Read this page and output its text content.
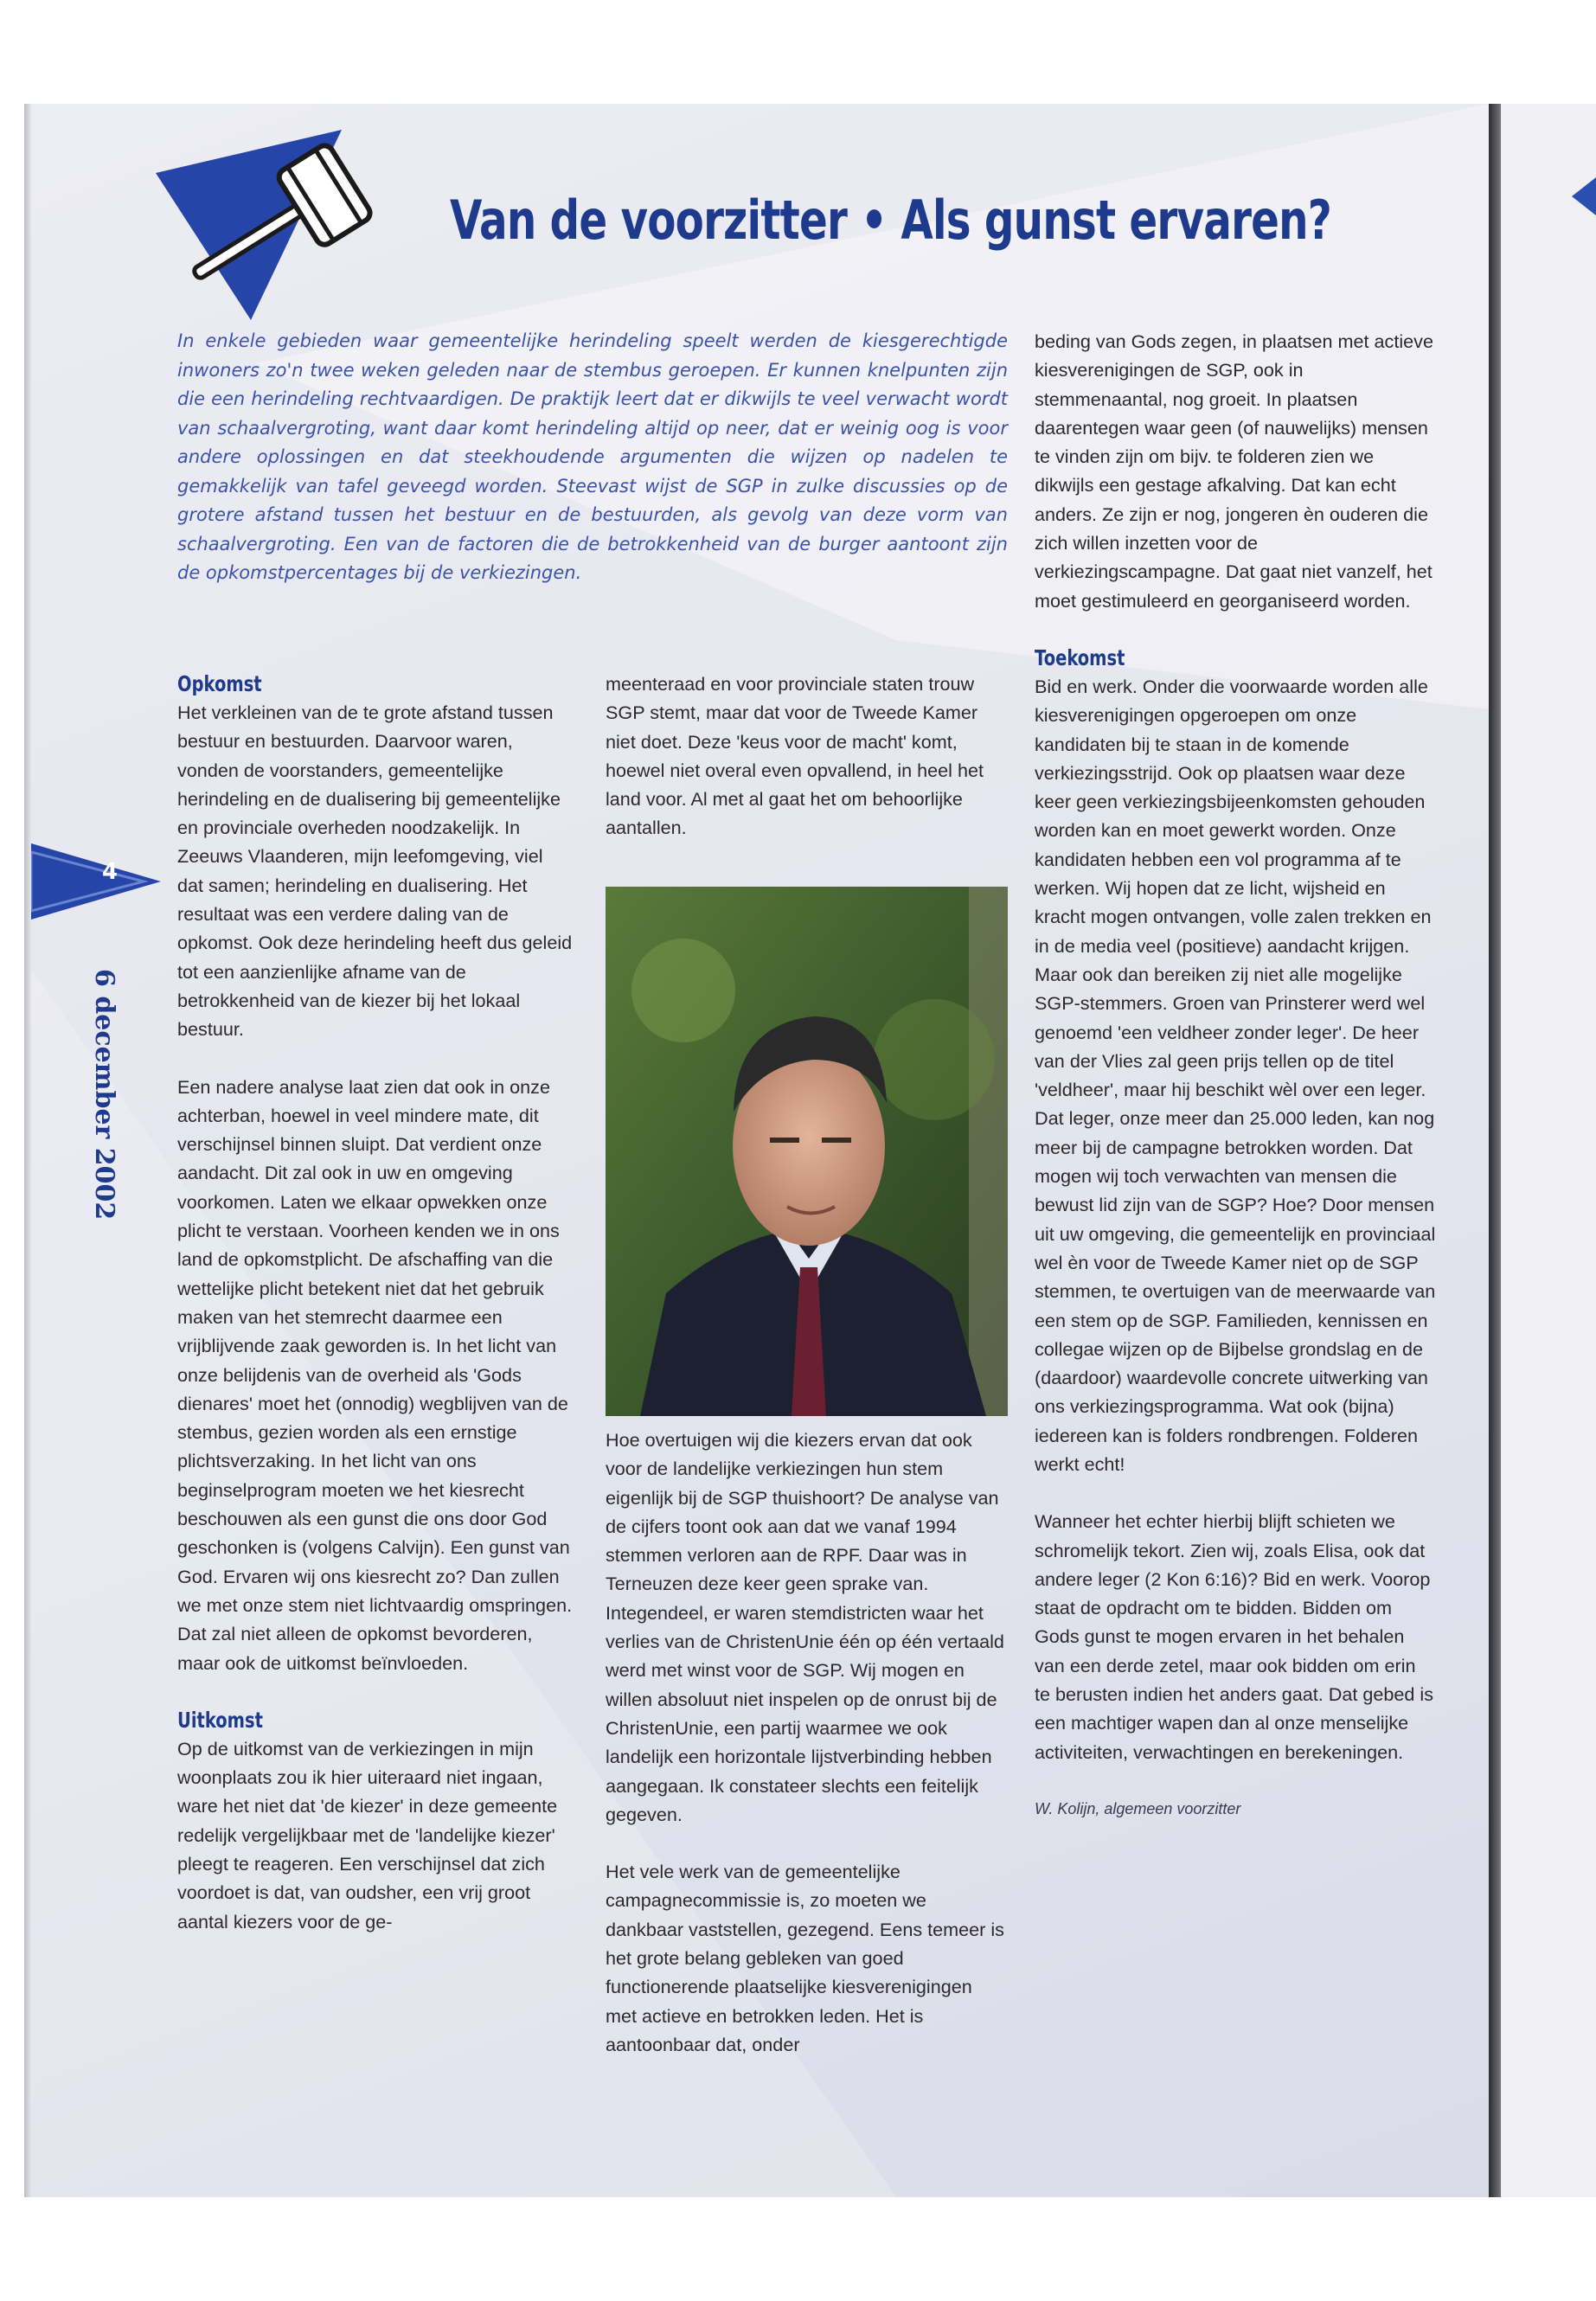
Van de voorzitter • Als gunst ervaren?

In enkele gebieden waar gemeentelijke herindeling speelt werden de kiesgerechtigde inwoners zo'n twee weken geleden naar de stembus geroepen. Er kunnen knelpunten zijn die een herindeling rechtvaardigen. De praktijk leert dat er dikwijls te veel verwacht wordt van schaalvergroting, want daar komt herindeling altijd op neer, dat er weinig oog is voor andere oplossingen en dat steekhoudende argumenten die wijzen op nadelen te gemakkelijk van tafel geveegd worden. Steevast wijst de SGP in zulke discussies op de grotere afstand tussen het bestuur en de bestuurden, als gevolg van deze vorm van schaalvergroting. Een van de factoren die de betrokkenheid van de burger aantoont zijn de opkomstpercentages bij de verkiezingen.

4
6 december 2002
Opkomst

Het verkleinen van de te grote afstand tussen bestuur en bestuurden. Daarvoor waren, vonden de voorstanders, gemeentelijke herindeling en de dualisering bij gemeentelijke en provinciale overheden noodzakelijk. In Zeeuws Vlaanderen, mijn leefomgeving, viel dat samen; herindeling en dualisering. Het resultaat was een verdere daling van de opkomst. Ook deze herindeling heeft dus geleid tot een aanzienlijke afname van de betrokkenheid van de kiezer bij het lokaal bestuur.

Een nadere analyse laat zien dat ook in onze achterban, hoewel in veel mindere mate, dit verschijnsel binnen sluipt. Dat verdient onze aandacht. Dit zal ook in uw en omgeving voorkomen. Laten we elkaar opwekken onze plicht te verstaan. Voorheen kenden we in ons land de opkomstplicht. De afschaffing van die wettelijke plicht betekent niet dat het gebruik maken van het stemrecht daarmee een vrijblijvende zaak geworden is. In het licht van onze belijdenis van de overheid als 'Gods dienares' moet het (onnodig) wegblijven van de stembus, gezien worden als een ernstige plichtsverzaking. In het licht van ons beginselprogram moeten we het kiesrecht beschouwen als een gunst die ons door God geschonken is (volgens Calvijn). Een gunst van God. Ervaren wij ons kiesrecht zo? Dan zullen we met onze stem niet lichtvaardig omspringen. Dat zal niet alleen de opkomst bevorderen, maar ook de uitkomst beïnvloeden.

Uitkomst

Op de uitkomst van de verkiezingen in mijn woonplaats zou ik hier uiteraard niet ingaan, ware het niet dat 'de kiezer' in deze gemeente redelijk vergelijkbaar met de 'landelijke kiezer' pleegt te reageren. Een verschijnsel dat zich voordoet is dat, van oudsher, een vrij groot aantal kiezers voor de ge-

meenteraad en voor provinciale staten trouw SGP stemt, maar dat voor de Tweede Kamer niet doet. Deze 'keus voor de macht' komt, hoewel niet overal even opvallend, in heel het land voor. Al met al gaat het om behoorlijke aantallen.

Hoe overtuigen wij die kiezers ervan dat ook voor de landelijke verkiezingen hun stem eigenlijk bij de SGP thuishoort? De analyse van de cijfers toont ook aan dat we vanaf 1994 stemmen verloren aan de RPF. Daar was in Terneuzen deze keer geen sprake van. Integendeel, er waren stemdistricten waar het verlies van de ChristenUnie één op één vertaald werd met winst voor de SGP. Wij mogen en willen absoluut niet inspelen op de onrust bij de ChristenUnie, een partij waarmee we ook landelijk een horizontale lijstverbinding hebben aangegaan. Ik constateer slechts een feitelijk gegeven.

Het vele werk van de gemeentelijke campagnecommissie is, zo moeten we dankbaar vaststellen, gezegend. Eens temeer is het grote belang gebleken van goed functionerende plaatselijke kiesverenigingen met actieve en betrokken leden. Het is aantoonbaar dat, onder

beding van Gods zegen, in plaatsen met actieve kiesverenigingen de SGP, ook in stemmenaantal, nog groeit. In plaatsen daarentegen waar geen (of nauwelijks) mensen te vinden zijn om bijv. te folderen zien we dikwijls een gestage afkalving. Dat kan echt anders. Ze zijn er nog, jongeren èn ouderen die zich willen inzetten voor de verkiezingscampagne. Dat gaat niet vanzelf, het moet gestimuleerd en georganiseerd worden.

Toekomst

Bid en werk. Onder die voorwaarde worden alle kiesverenigingen opgeroepen om onze kandidaten bij te staan in de komende verkiezingsstrijd. Ook op plaatsen waar deze keer geen verkiezingsbijeenkomsten gehouden worden kan en moet gewerkt worden. Onze kandidaten hebben een vol programma af te werken. Wij hopen dat ze licht, wijsheid en kracht mogen ontvangen, volle zalen trekken en in de media veel (positieve) aandacht krijgen. Maar ook dan bereiken zij niet alle mogelijke SGP-stemmers. Groen van Prinsterer werd wel genoemd 'een veldheer zonder leger'. De heer van der Vlies zal geen prijs tellen op de titel 'veldheer', maar hij beschikt wèl over een leger. Dat leger, onze meer dan 25.000 leden, kan nog meer bij de campagne betrokken worden. Dat mogen wij toch verwachten van mensen die bewust lid zijn van de SGP? Hoe? Door mensen uit uw omgeving, die gemeentelijk en provinciaal wel èn voor de Tweede Kamer niet op de SGP stemmen, te overtuigen van de meerwaarde van een stem op de SGP. Familieden, kennissen en collegae wijzen op de Bijbelse grondslag en de (daardoor) waardevolle concrete uitwerking van ons verkiezingsprogramma. Wat ook (bijna) iedereen kan is folders rondbrengen. Folderen werkt echt!

Wanneer het echter hierbij blijft schieten we schromelijk tekort. Zien wij, zoals Elisa, ook dat andere leger (2 Kon 6:16)? Bid en werk. Voorop staat de opdracht om te bidden. Bidden om Gods gunst te mogen ervaren in het behalen van een derde zetel, maar ook bidden om erin te berusten indien het anders gaat. Dat gebed is een machtiger wapen dan al onze menselijke activiteiten, verwachtingen en berekeningen.

W. Kolijn, algemeen voorzitter
